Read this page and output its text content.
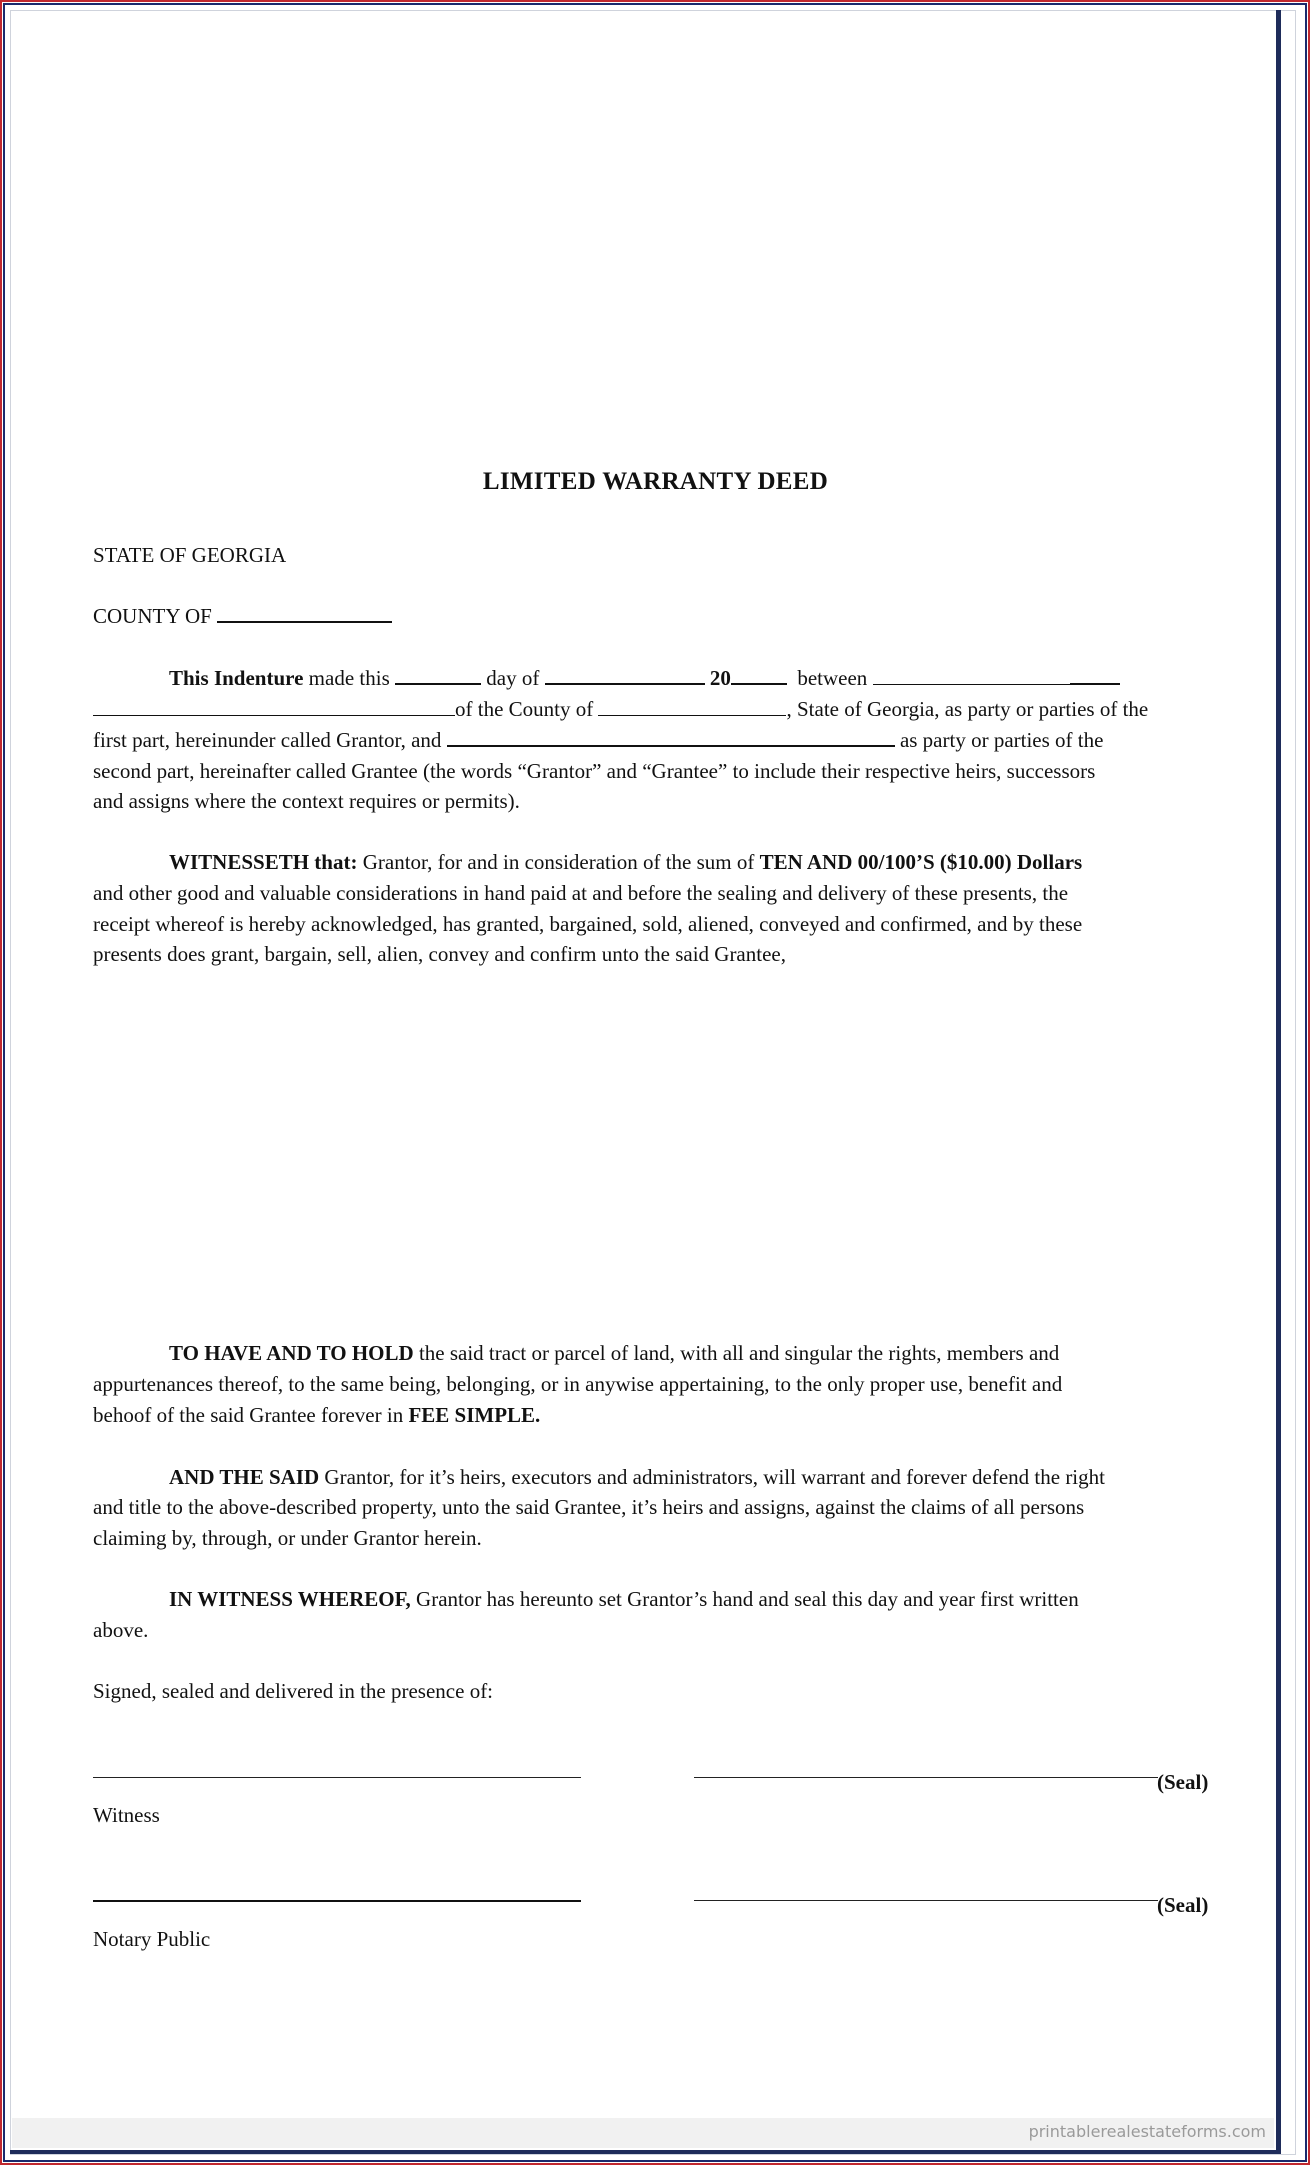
LIMITED WARRANTY DEED
STATE OF GEORGIA
COUNTY OF
This Indenture made this	day of	20	between
of the County of	, State of Georgia, as party or parties of the
first part, hereinunder called Grantor, and	as party or parties of the
second part, hereinafter called Grantee (the words “Grantor” and “Grantee” to include their respective heirs, successors
and assigns where the context requires or permits).
WITNESSETH that: Grantor, for and in consideration of the sum of TEN AND 00/100’S ($10.00) Dollars
and other good and valuable considerations in hand paid at and before the sealing and delivery of these presents, the
receipt whereof is hereby acknowledged, has granted, bargained, sold, aliened, conveyed and confirmed, and by these
presents does grant, bargain, sell, alien, convey and confirm unto the said Grantee,
TO HAVE AND TO HOLD the said tract or parcel of land, with all and singular the rights, members and
appurtenances thereof, to the same being, belonging, or in anywise appertaining, to the only proper use, benefit and
behoof of the said Grantee forever in FEE SIMPLE.
AND THE SAID Grantor, for it’s heirs, executors and administrators, will warrant and forever defend the right
and title to the above-described property, unto the said Grantee, it’s heirs and assigns, against the claims of all persons
claiming by, through, or under Grantor herein.
IN WITNESS WHEREOF, Grantor has hereunto set Grantor’s hand and seal this day and year first written
above.
Signed, sealed and delivered in the presence of:
Witness
(Seal)
Notary Public
(Seal)
printablerealestateforms.com
